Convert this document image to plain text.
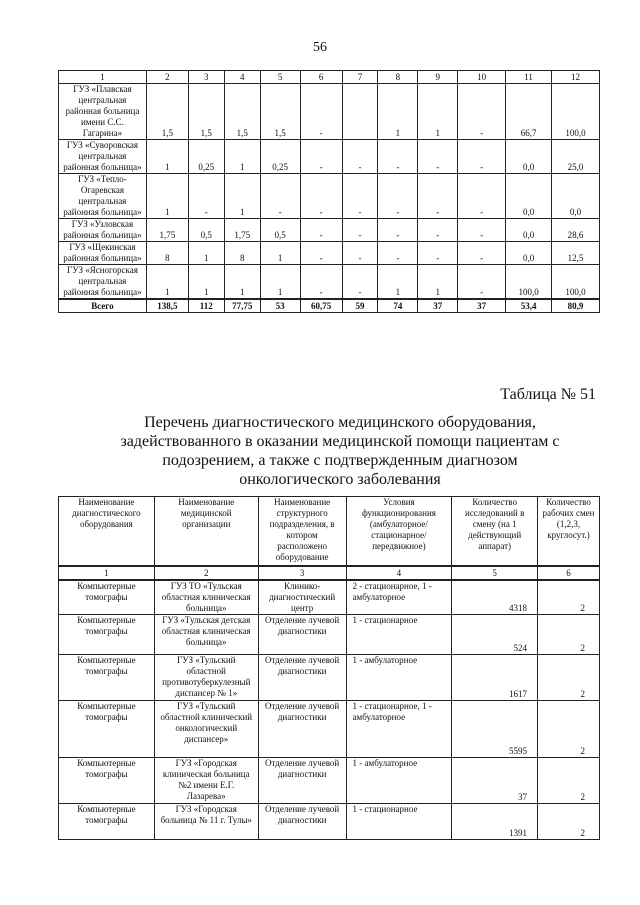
56
1	2	3	4	5	6	7	8	9	10	11	12
ГУЗ «Плавская центральная районная больница имени С.С. Гагарина»	1,5	1,5	1,5	1,5	-		1	1	-	66,7	100,0
ГУЗ «Суворовская центральная районная больница»	1	0,25	1	0,25	-	-	-	-	-	0,0	25,0
ГУЗ «Тепло-Огаревская центральная районная больница»	1	-	1	-	-	-	-	-	-	0,0	0,0
ГУЗ «Узловская районная больница»	1,75	0,5	1,75	0,5	-	-	-	-	-	0,0	28,6
ГУЗ «Щекинская районная больница»	8	1	8	1	-	-	-	-	-	0,0	12,5
ГУЗ «Ясногорская центральная районная больница»	1	1	1	1	-	-	1	1	-	100,0	100,0
Всего	138,5	112	77,75	53	60,75	59	74	37	37	53,4	80,9
Таблица № 51
Перечень диагностического медицинского оборудования, задействованного в оказании медицинской помощи пациентам с подозрением, а также с подтвержденным диагнозом онкологического заболевания
Наименование диагностического оборудования	Наименование медицинской организации	Наименование структурного подразделения, в котором расположено оборудование	Условия функционирования (амбулаторное/ стационарное/ передвижное)	Количество исследований в смену (на 1 действующий аппарат)	Количество рабочих смен (1,2,3, круглосут.)
1	2	3	4	5	6
Компьютерные томографы	ГУЗ ТО «Тульская областная клиническая больница»	Клинико-диагностический центр	2 - стационарное, 1 - амбулаторное	4318	2
Компьютерные томографы	ГУЗ «Тульская детская областная клиническая больница»	Отделение лучевой диагностики	1 - стационарное	524	2
Компьютерные томографы	ГУЗ «Тульский областной противотуберкулезный диспансер № 1»	Отделение лучевой диагностики	1 - амбулаторное	1617	2
Компьютерные томографы	ГУЗ «Тульский областной клинический онкологический диспансер»	Отделение лучевой диагностики	1 - стационарное, 1 - амбулаторное	5595	2
Компьютерные томографы	ГУЗ «Городская клиническая больница №2 имени Е.Г. Лазарева»	Отделение лучевой диагностики	1 - амбулаторное	37	2
Компьютерные томографы	ГУЗ «Городская больница № 11 г. Тулы»	Отделение лучевой диагностики	1 - стационарное	1391	2
